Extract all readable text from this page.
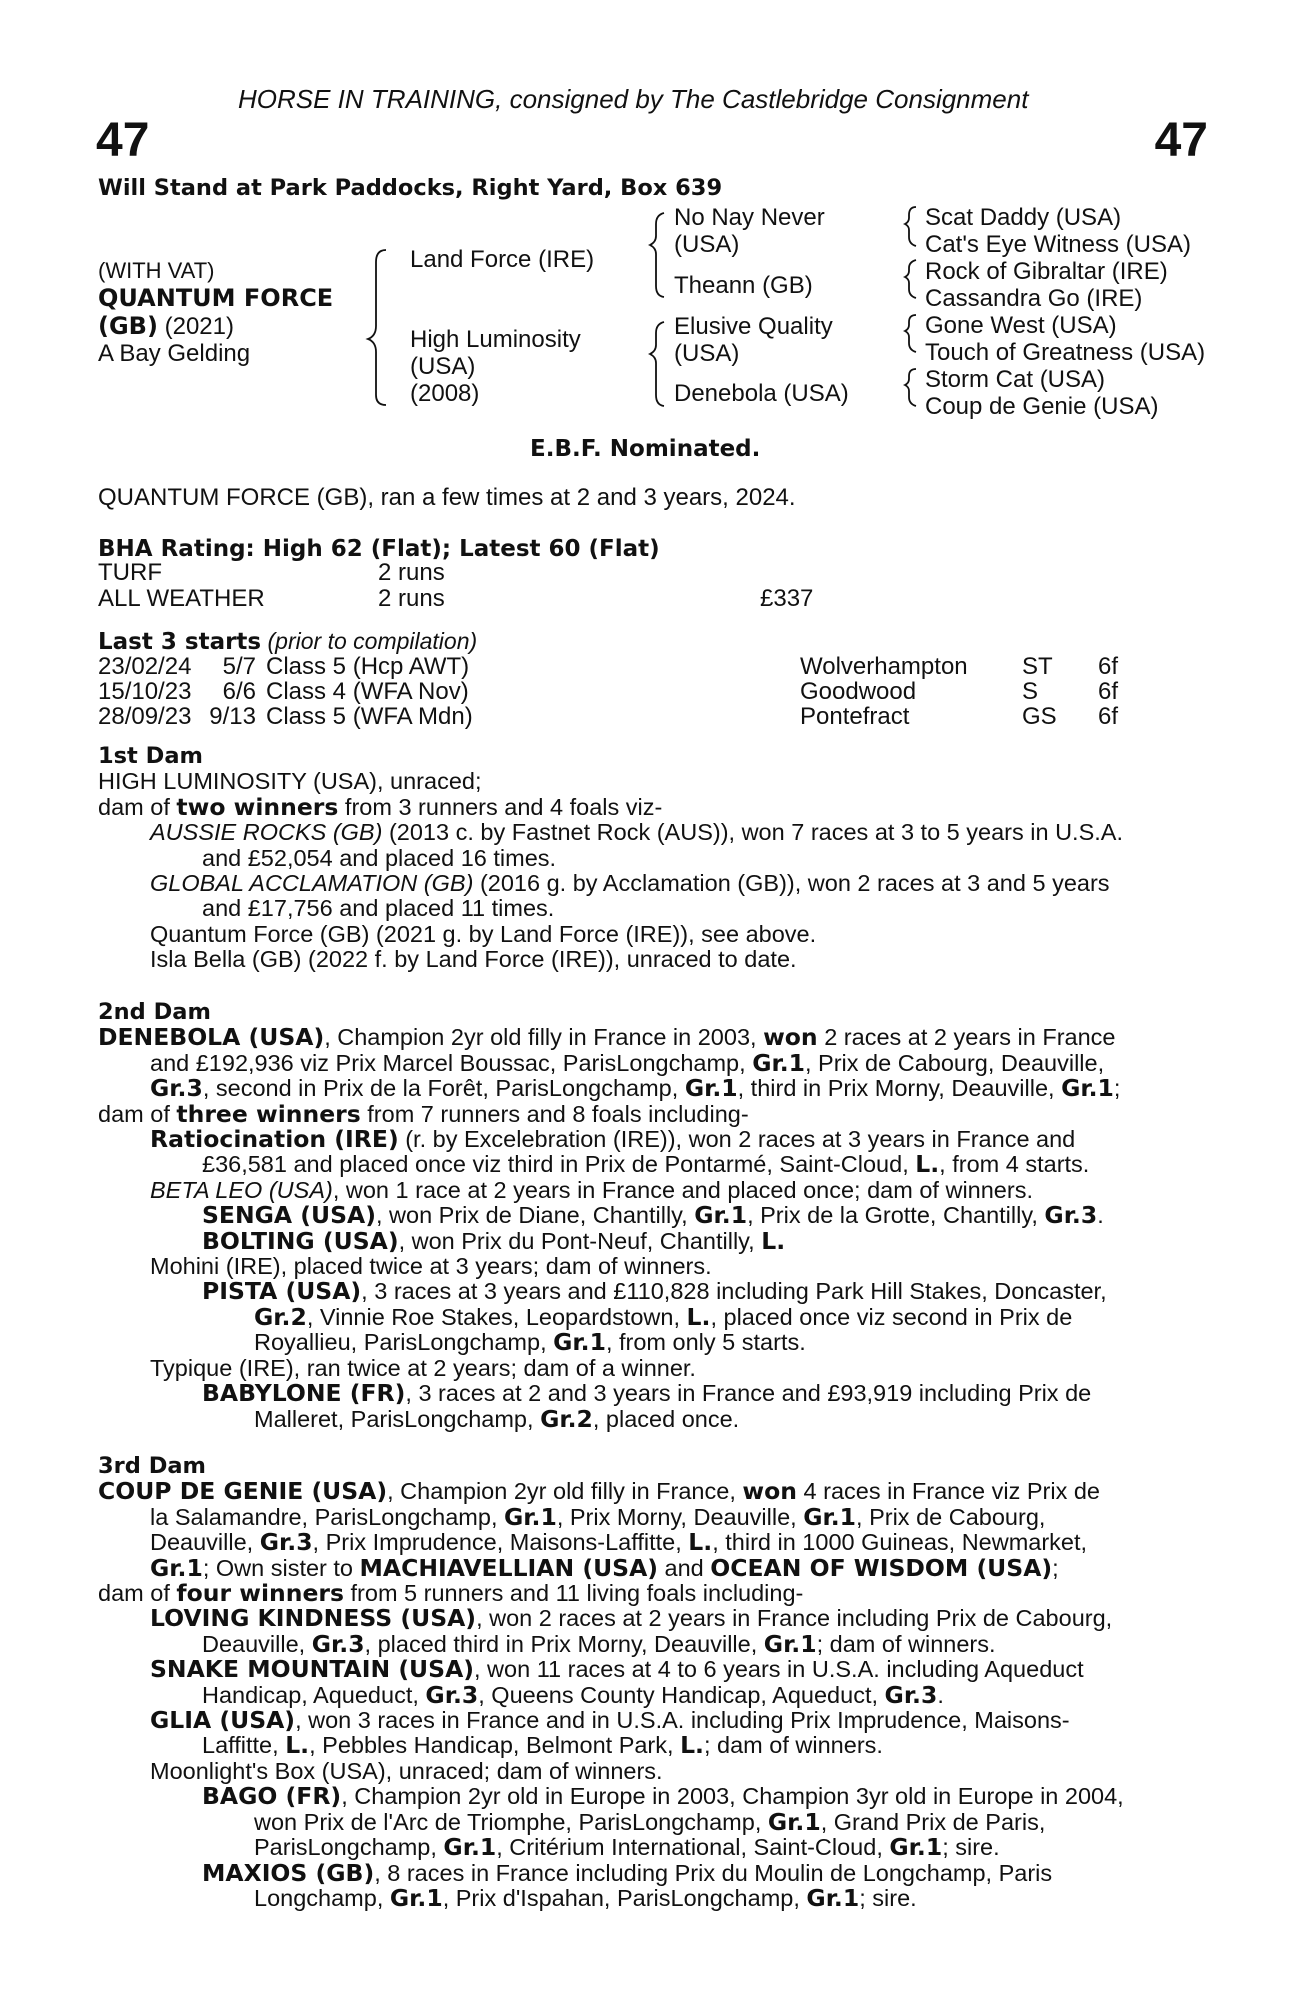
HORSE IN TRAINING, consigned by The Castlebridge Consignment
47	47
Will Stand at Park Paddocks, Right Yard, Box 639
(WITH VAT)
QUANTUM FORCE
(GB) (2021)
A Bay Gelding
Land Force (IRE)
High Luminosity
(USA)
(2008)
No Nay Never
(USA)
Theann (GB)
Elusive Quality
(USA)
Denebola (USA)
Scat Daddy (USA)
Cat's Eye Witness (USA)
Rock of Gibraltar (IRE)
Cassandra Go (IRE)
Gone West (USA)
Touch of Greatness (USA)
Storm Cat (USA)
Coup de Genie (USA)
E.B.F. Nominated.
QUANTUM FORCE (GB), ran a few times at 2 and 3 years, 2024.
BHA Rating: High 62 (Flat); Latest 60 (Flat)
TURF	2 runs
ALL WEATHER	2 runs	£337
Last 3 starts (prior to compilation)
23/02/24	5/7	Class 5 (Hcp AWT)	Wolverhampton	ST	6f
15/10/23	6/6	Class 4 (WFA Nov)	Goodwood	S	6f
28/09/23	9/13	Class 5 (WFA Mdn)	Pontefract	GS	6f

1st Dam

HIGH LUMINOSITY (USA), unraced;

dam of two winners from 3 runners and 4 foals viz-

AUSSIE ROCKS (GB) (2013 c. by Fastnet Rock (AUS)), won 7 races at 3 to 5 years in U.S.A.

and £52,054 and placed 16 times.

GLOBAL ACCLAMATION (GB) (2016 g. by Acclamation (GB)), won 2 races at 3 and 5 years

and £17,756 and placed 11 times.

Quantum Force (GB) (2021 g. by Land Force (IRE)), see above.

Isla Bella (GB) (2022 f. by Land Force (IRE)), unraced to date.

2nd Dam

DENEBOLA (USA), Champion 2yr old filly in France in 2003, won 2 races at 2 years in France

and £192,936 viz Prix Marcel Boussac, ParisLongchamp, Gr.1, Prix de Cabourg, Deauville,

Gr.3, second in Prix de la Forêt, ParisLongchamp, Gr.1, third in Prix Morny, Deauville, Gr.1;

dam of three winners from 7 runners and 8 foals including-

Ratiocination (IRE) (r. by Excelebration (IRE)), won 2 races at 3 years in France and

£36,581 and placed once viz third in Prix de Pontarmé, Saint-Cloud, L., from 4 starts.

BETA LEO (USA), won 1 race at 2 years in France and placed once; dam of winners.

SENGA (USA), won Prix de Diane, Chantilly, Gr.1, Prix de la Grotte, Chantilly, Gr.3.

BOLTING (USA), won Prix du Pont-Neuf, Chantilly, L.

Mohini (IRE), placed twice at 3 years; dam of winners.

PISTA (USA), 3 races at 3 years and £110,828 including Park Hill Stakes, Doncaster,

Gr.2, Vinnie Roe Stakes, Leopardstown, L., placed once viz second in Prix de

Royallieu, ParisLongchamp, Gr.1, from only 5 starts.

Typique (IRE), ran twice at 2 years; dam of a winner.

BABYLONE (FR), 3 races at 2 and 3 years in France and £93,919 including Prix de

Malleret, ParisLongchamp, Gr.2, placed once.

3rd Dam

COUP DE GENIE (USA), Champion 2yr old filly in France, won 4 races in France viz Prix de

la Salamandre, ParisLongchamp, Gr.1, Prix Morny, Deauville, Gr.1, Prix de Cabourg,

Deauville, Gr.3, Prix Imprudence, Maisons-Laffitte, L., third in 1000 Guineas, Newmarket,

Gr.1; Own sister to MACHIAVELLIAN (USA) and OCEAN OF WISDOM (USA);

dam of four winners from 5 runners and 11 living foals including-

LOVING KINDNESS (USA), won 2 races at 2 years in France including Prix de Cabourg,

Deauville, Gr.3, placed third in Prix Morny, Deauville, Gr.1; dam of winners.

SNAKE MOUNTAIN (USA), won 11 races at 4 to 6 years in U.S.A. including Aqueduct

Handicap, Aqueduct, Gr.3, Queens County Handicap, Aqueduct, Gr.3.

GLIA (USA), won 3 races in France and in U.S.A. including Prix Imprudence, Maisons-

Laffitte, L., Pebbles Handicap, Belmont Park, L.; dam of winners.

Moonlight's Box (USA), unraced; dam of winners.

BAGO (FR), Champion 2yr old in Europe in 2003, Champion 3yr old in Europe in 2004,

won Prix de l'Arc de Triomphe, ParisLongchamp, Gr.1, Grand Prix de Paris,

ParisLongchamp, Gr.1, Critérium International, Saint-Cloud, Gr.1; sire.

MAXIOS (GB), 8 races in France including Prix du Moulin de Longchamp, Paris

Longchamp, Gr.1, Prix d'Ispahan, ParisLongchamp, Gr.1; sire.
